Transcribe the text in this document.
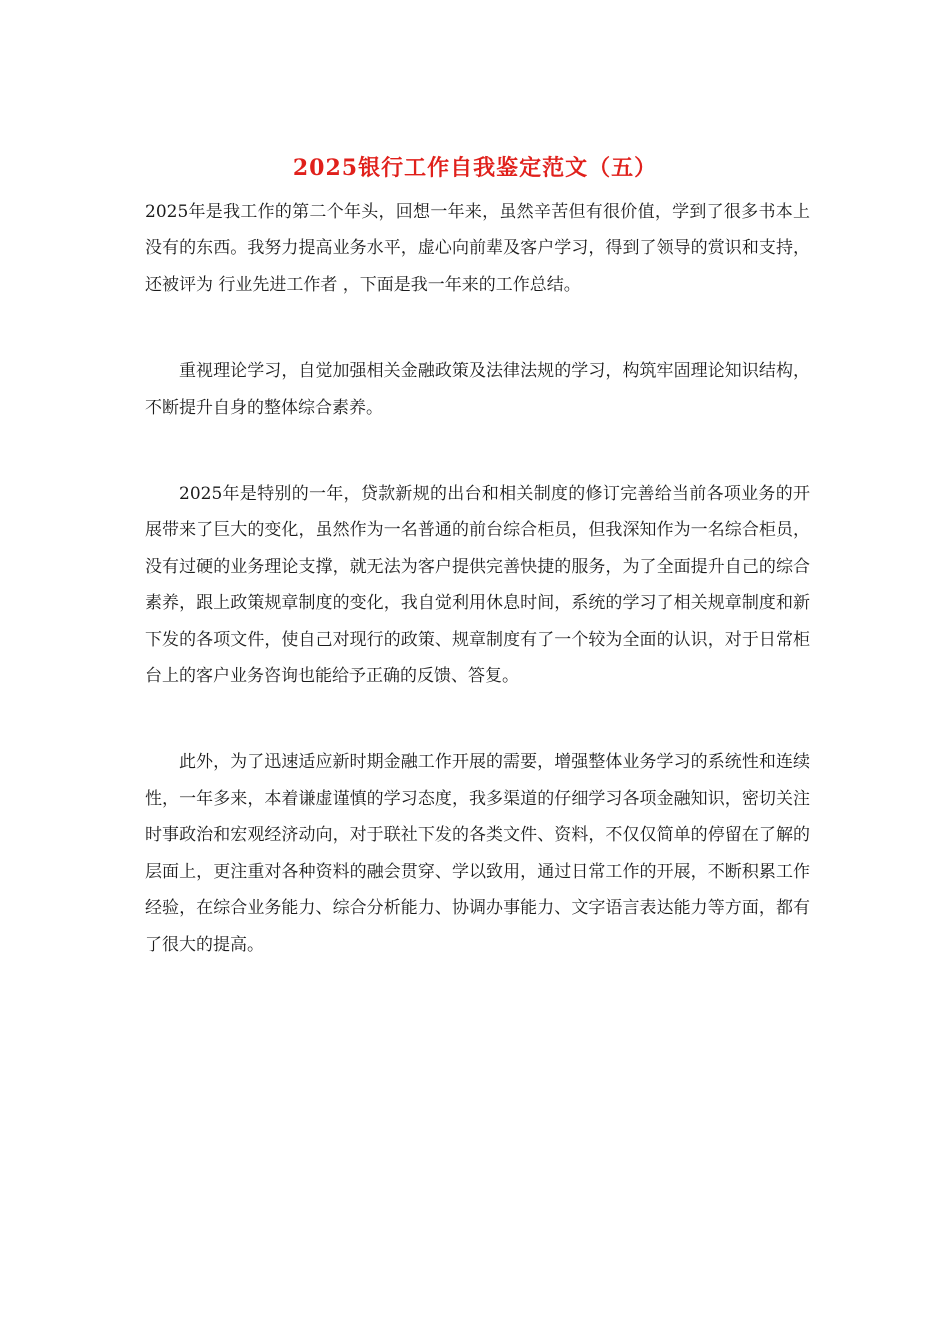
2025银行工作自我鉴定范文（五）

2025年是我工作的第二个年头，回想一年来，虽然辛苦但有很价值，学到了很多书本上没有的东西。我努力提高业务水平，虚心向前辈及客户学习，得到了领导的赏识和支持，还被评为 行业先进工作者 ，下面是我一年来的工作总结。

重视理论学习，自觉加强相关金融政策及法律法规的学习，构筑牢固理论知识结构，不断提升自身的整体综合素养。

2025年是特别的一年，贷款新规的出台和相关制度的修订完善给当前各项业务的开展带来了巨大的变化，虽然作为一名普通的前台综合柜员，但我深知作为一名综合柜员，没有过硬的业务理论支撑，就无法为客户提供完善快捷的服务，为了全面提升自己的综合素养，跟上政策规章制度的变化，我自觉利用休息时间，系统的学习了相关规章制度和新下发的各项文件，使自己对现行的政策、规章制度有了一个较为全面的认识，对于日常柜台上的客户业务咨询也能给予正确的反馈、答复。

此外，为了迅速适应新时期金融工作开展的需要，增强整体业务学习的系统性和连续性，一年多来，本着谦虚谨慎的学习态度，我多渠道的仔细学习各项金融知识，密切关注时事政治和宏观经济动向，对于联社下发的各类文件、资料，不仅仅简单的停留在了解的层面上，更注重对各种资料的融会贯穿、学以致用，通过日常工作的开展，不断积累工作经验，在综合业务能力、综合分析能力、协调办事能力、文字语言表达能力等方面，都有了很大的提高。
